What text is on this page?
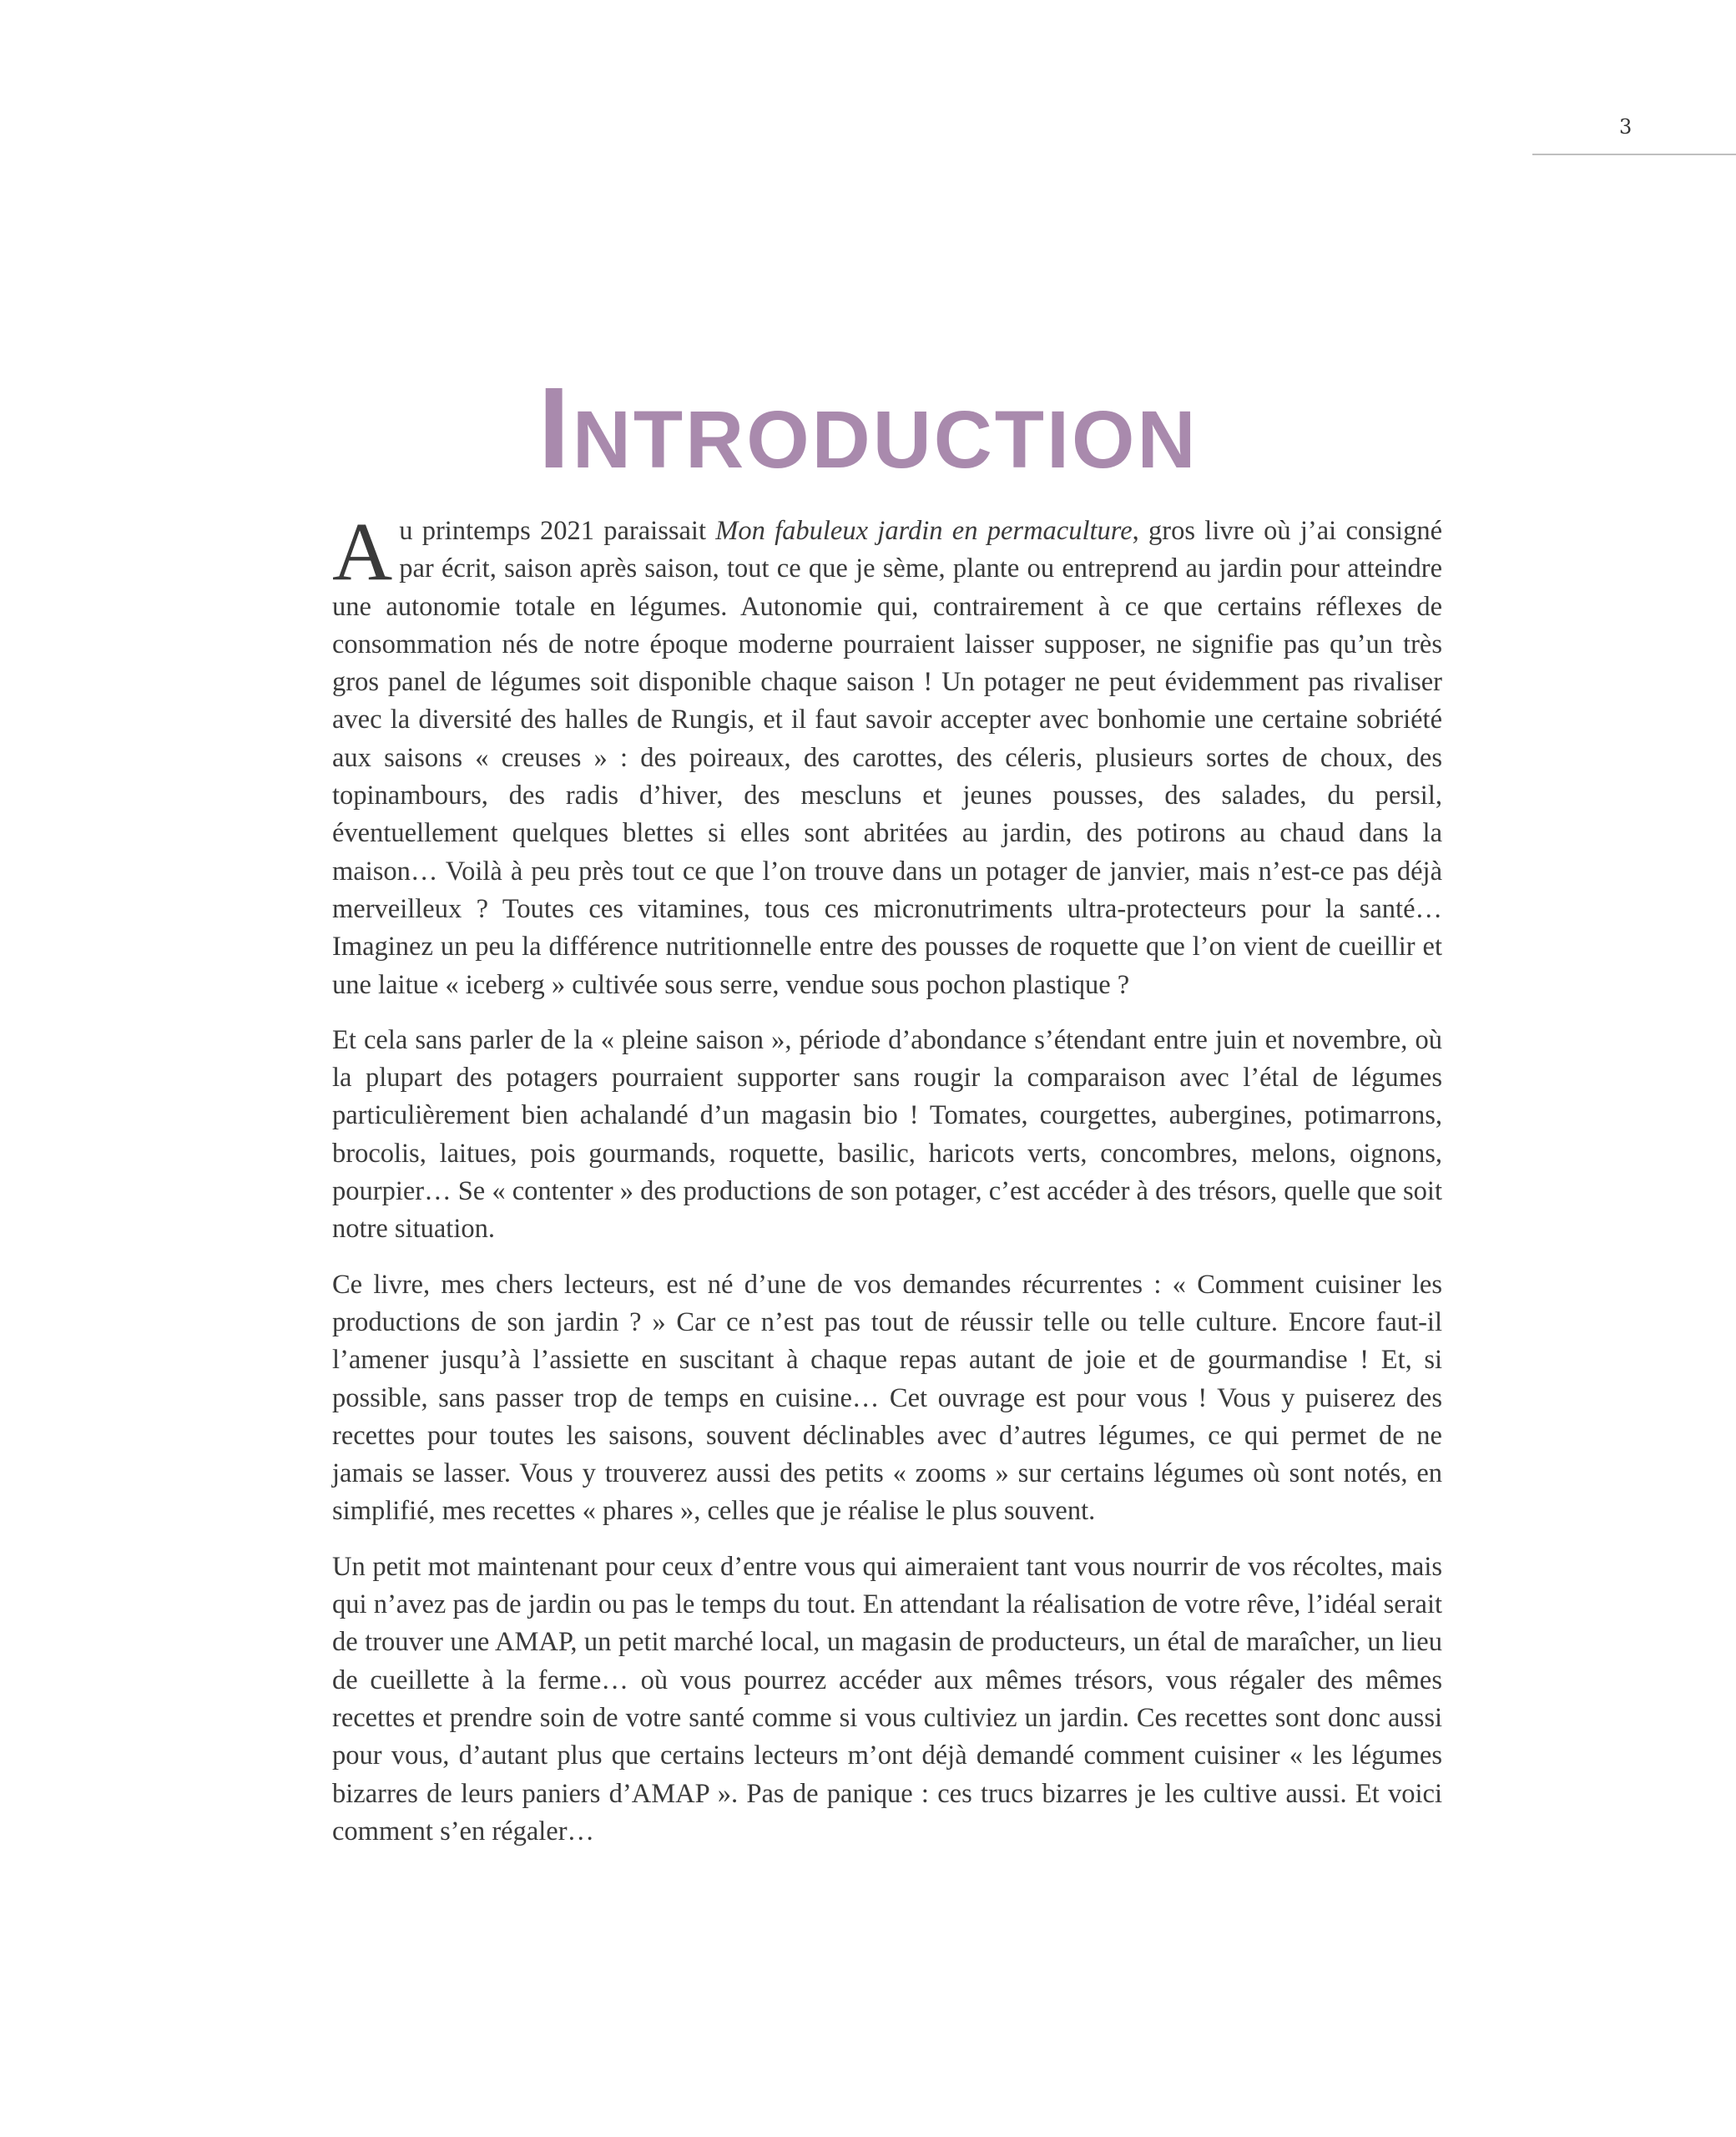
3
Introduction

Au printemps 2021 paraissait Mon fabuleux jardin en permaculture, gros livre où j’ai consigné par écrit, saison après saison, tout ce que je sème, plante ou entreprend au jardin pour atteindre une autonomie totale en légumes. Autonomie qui, contrairement à ce que certains réflexes de consommation nés de notre époque moderne pourraient laisser supposer, ne signifie pas qu’un très gros panel de légumes soit disponible chaque saison ! Un potager ne peut évidemment pas rivaliser avec la diversité des halles de Rungis, et il faut savoir accepter avec bonhomie une certaine sobriété aux saisons « creuses » : des poireaux, des carottes, des céleris, plusieurs sortes de choux, des topinambours, des radis d’hiver, des mescluns et jeunes pousses, des salades, du persil, éventuellement quelques blettes si elles sont abritées au jardin, des potirons au chaud dans la maison… Voilà à peu près tout ce que l’on trouve dans un potager de janvier, mais n’est-ce pas déjà merveilleux ? Toutes ces vitamines, tous ces micronutriments ultra-protecteurs pour la santé… Imaginez un peu la différence nutritionnelle entre des pousses de roquette que l’on vient de cueillir et une laitue « iceberg » cultivée sous serre, vendue sous pochon plastique ?

Et cela sans parler de la « pleine saison », période d’abondance s’étendant entre juin et novembre, où la plupart des potagers pourraient supporter sans rougir la comparaison avec l’étal de légumes particulièrement bien achalandé d’un magasin bio ! Tomates, courgettes, aubergines, potimarrons, brocolis, laitues, pois gourmands, roquette, basilic, haricots verts, concombres, melons, oignons, pourpier… Se « contenter » des productions de son potager, c’est accéder à des trésors, quelle que soit notre situation.

Ce livre, mes chers lecteurs, est né d’une de vos demandes récurrentes : « Comment cuisiner les productions de son jardin ? » Car ce n’est pas tout de réussir telle ou telle culture. Encore faut-il l’amener jusqu’à l’assiette en suscitant à chaque repas autant de joie et de gourmandise ! Et, si possible, sans passer trop de temps en cuisine… Cet ouvrage est pour vous ! Vous y puiserez des recettes pour toutes les saisons, souvent déclinables avec d’autres légumes, ce qui permet de ne jamais se lasser. Vous y trouverez aussi des petits « zooms » sur certains légumes où sont notés, en simplifié, mes recettes « phares », celles que je réalise le plus souvent.

Un petit mot maintenant pour ceux d’entre vous qui aimeraient tant vous nourrir de vos récoltes, mais qui n’avez pas de jardin ou pas le temps du tout. En attendant la réalisation de votre rêve, l’idéal serait de trouver une AMAP, un petit marché local, un magasin de producteurs, un étal de maraîcher, un lieu de cueillette à la ferme… où vous pourrez accéder aux mêmes trésors, vous régaler des mêmes recettes et prendre soin de votre santé comme si vous cultiviez un jardin. Ces recettes sont donc aussi pour vous, d’autant plus que certains lecteurs m’ont déjà demandé comment cuisiner « les légumes bizarres de leurs paniers d’AMAP ». Pas de panique : ces trucs bizarres je les cultive aussi. Et voici comment s’en régaler…
